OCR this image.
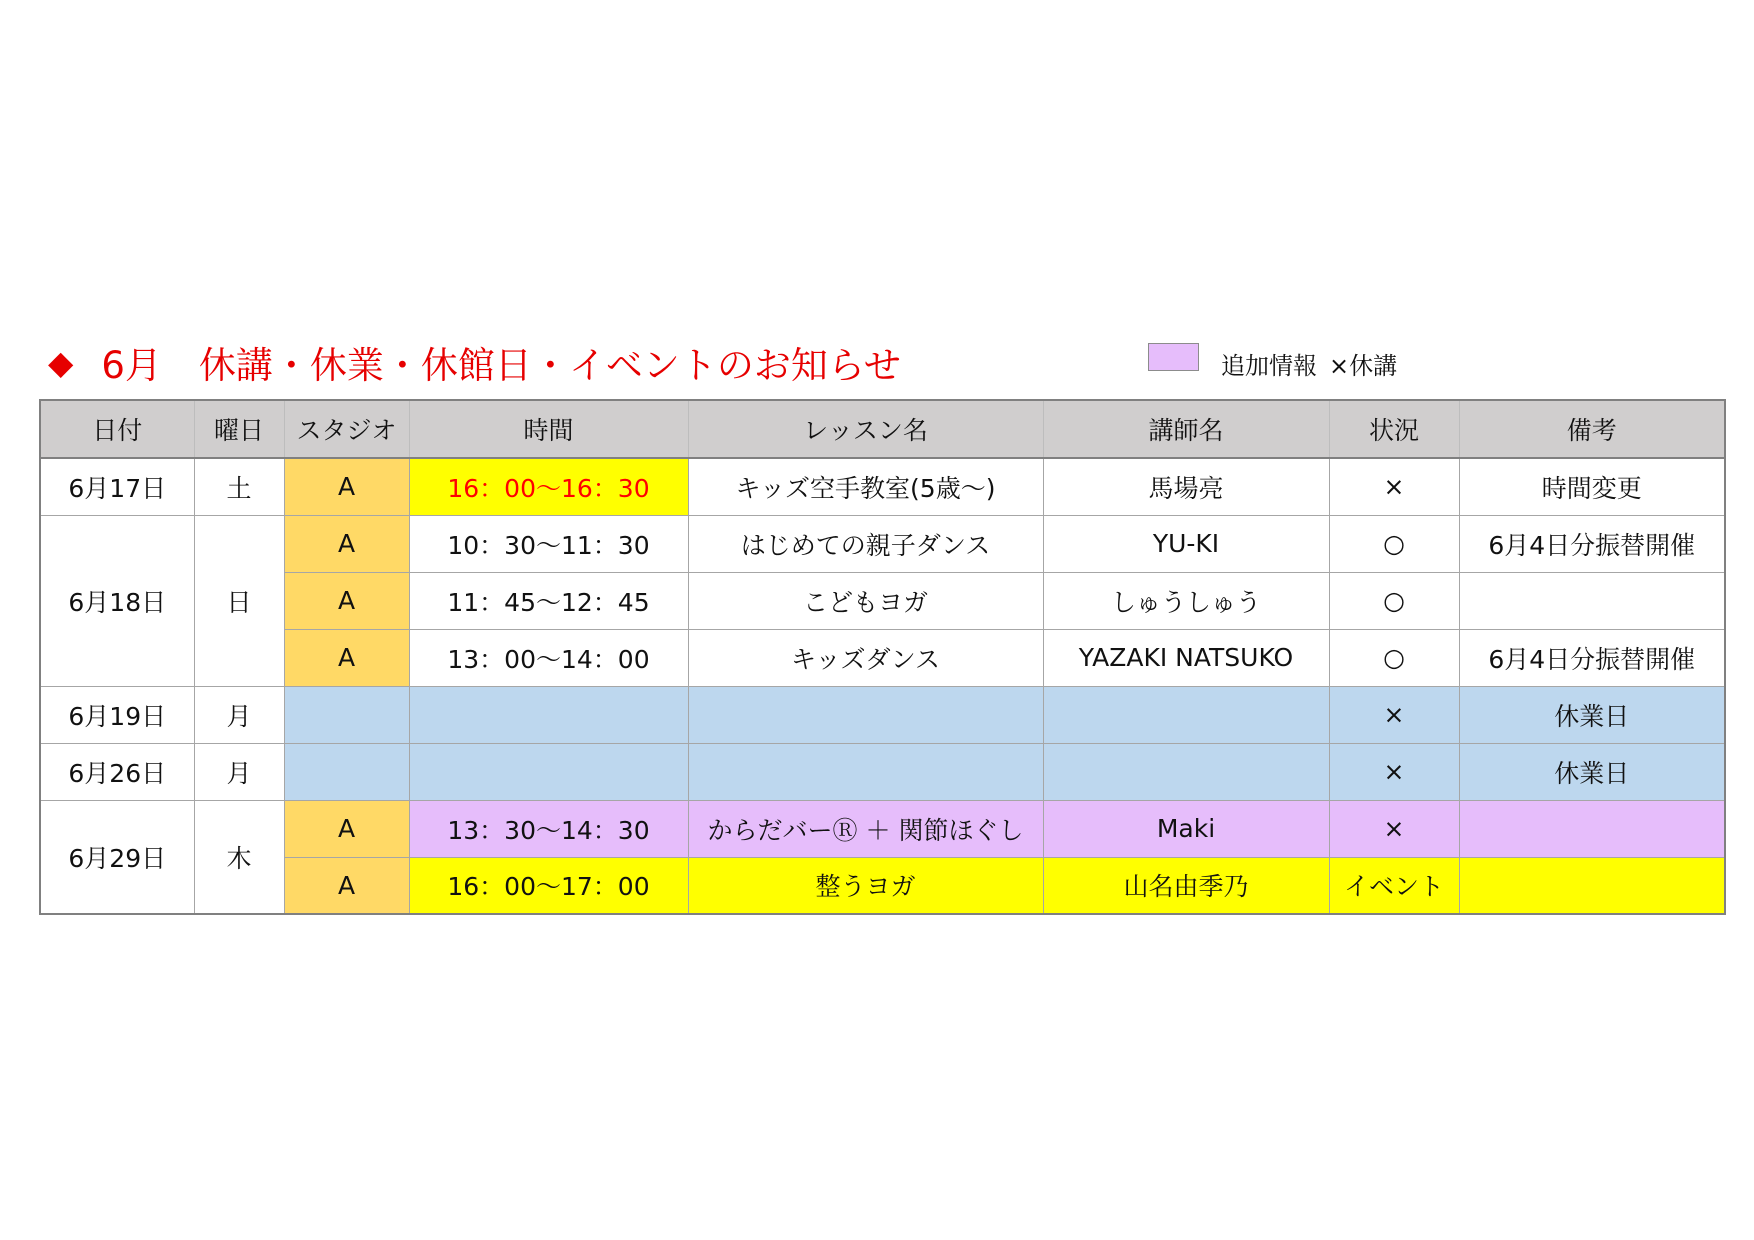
◆ 6月　休講・休業・休館日・イベントのお知らせ	追加情報 ×休講
日付	曜日	スタジオ	時間	レッスン名	講師名	状況	備考
6月17日	土	A	16：00～16：30	キッズ空手教室(5歳～)	馬場亮	×	時間変更
6月18日	日	A	10：30～11：30	はじめての親子ダンス	YU-KI	○	6月4日分振替開催
		A	11：45～12：45	こどもヨガ	しゅうしゅう	○	
		A	13：00～14：00	キッズダンス	YAZAKI NATSUKO	○	6月4日分振替開催
6月19日	月					×	休業日
6月26日	月					×	休業日
6月29日	木	A	13：30～14：30	からだバーⓇ ＋ 関節ほぐし	Maki	×	
		A	16：00～17：00	整うヨガ	山名由季乃	イベント	
